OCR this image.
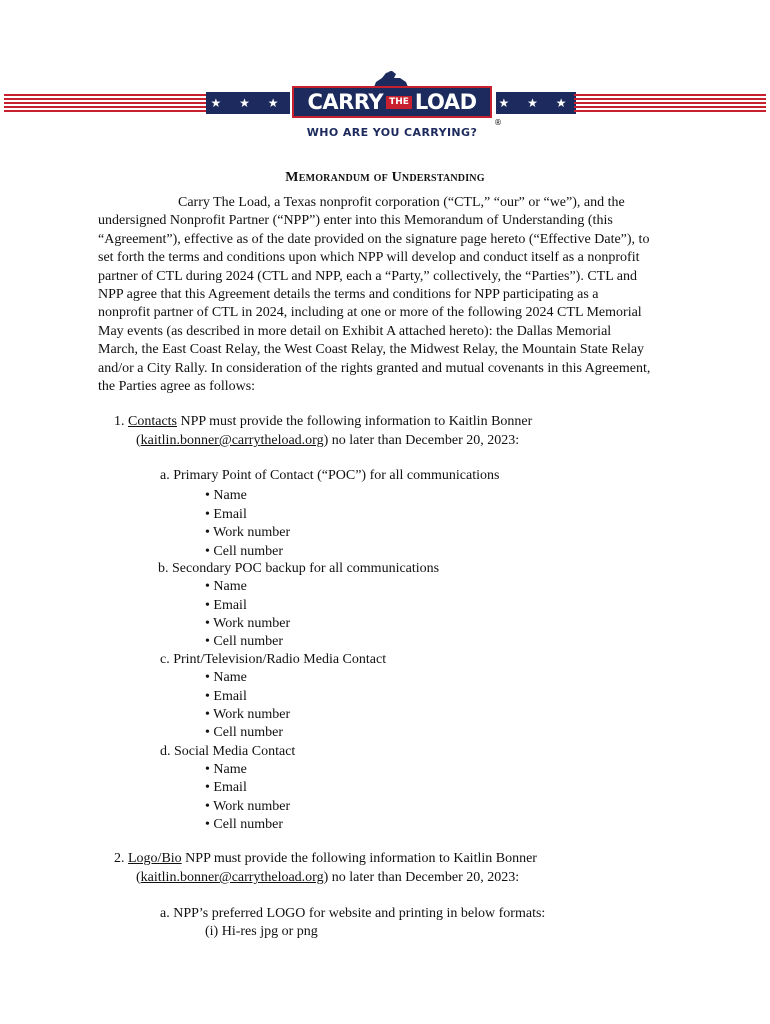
★ ★ ★ ★
CARRY THE LOAD
®
★ ★ ★ ★
WHO ARE YOU CARRYING?
Memorandum of Understanding

Carry The Load, a Texas nonprofit corporation (“CTL,” “our” or “we”), and the undersigned Nonprofit Partner (“NPP”) enter into this Memorandum of Understanding (this “Agreement”), effective as of the date provided on the signature page hereto (“Effective Date”), to set forth the terms and conditions upon which NPP will develop and conduct itself as a nonprofit partner of CTL during 2024 (CTL and NPP, each a “Party,” collectively, the “Parties”). CTL and NPP agree that this Agreement details the terms and conditions for NPP participating as a nonprofit partner of CTL in 2024, including at one or more of the following 2024 CTL Memorial May events (as described in more detail on Exhibit A attached hereto): the Dallas Memorial March, the East Coast Relay, the West Coast Relay, the Midwest Relay, the Mountain State Relay and/or a City Rally. In consideration of the rights granted and mutual covenants in this Agreement, the Parties agree as follows:

1. Contacts NPP must provide the following information to Kaitlin Bonner
(kaitlin.bonner@carrytheload.org) no later than December 20, 2023:
a. Primary Point of Contact (“POC”) for all communications
• Name
• Email
• Work number
• Cell number
b. Secondary POC backup for all communications
• Name
• Email
• Work number
• Cell number
c. Print/Television/Radio Media Contact
• Name
• Email
• Work number
• Cell number
d. Social Media Contact
• Name
• Email
• Work number
• Cell number
2. Logo/Bio NPP must provide the following information to Kaitlin Bonner
(kaitlin.bonner@carrytheload.org) no later than December 20, 2023:
a. NPP’s preferred LOGO for website and printing in below formats:
(i) Hi-res jpg or png
